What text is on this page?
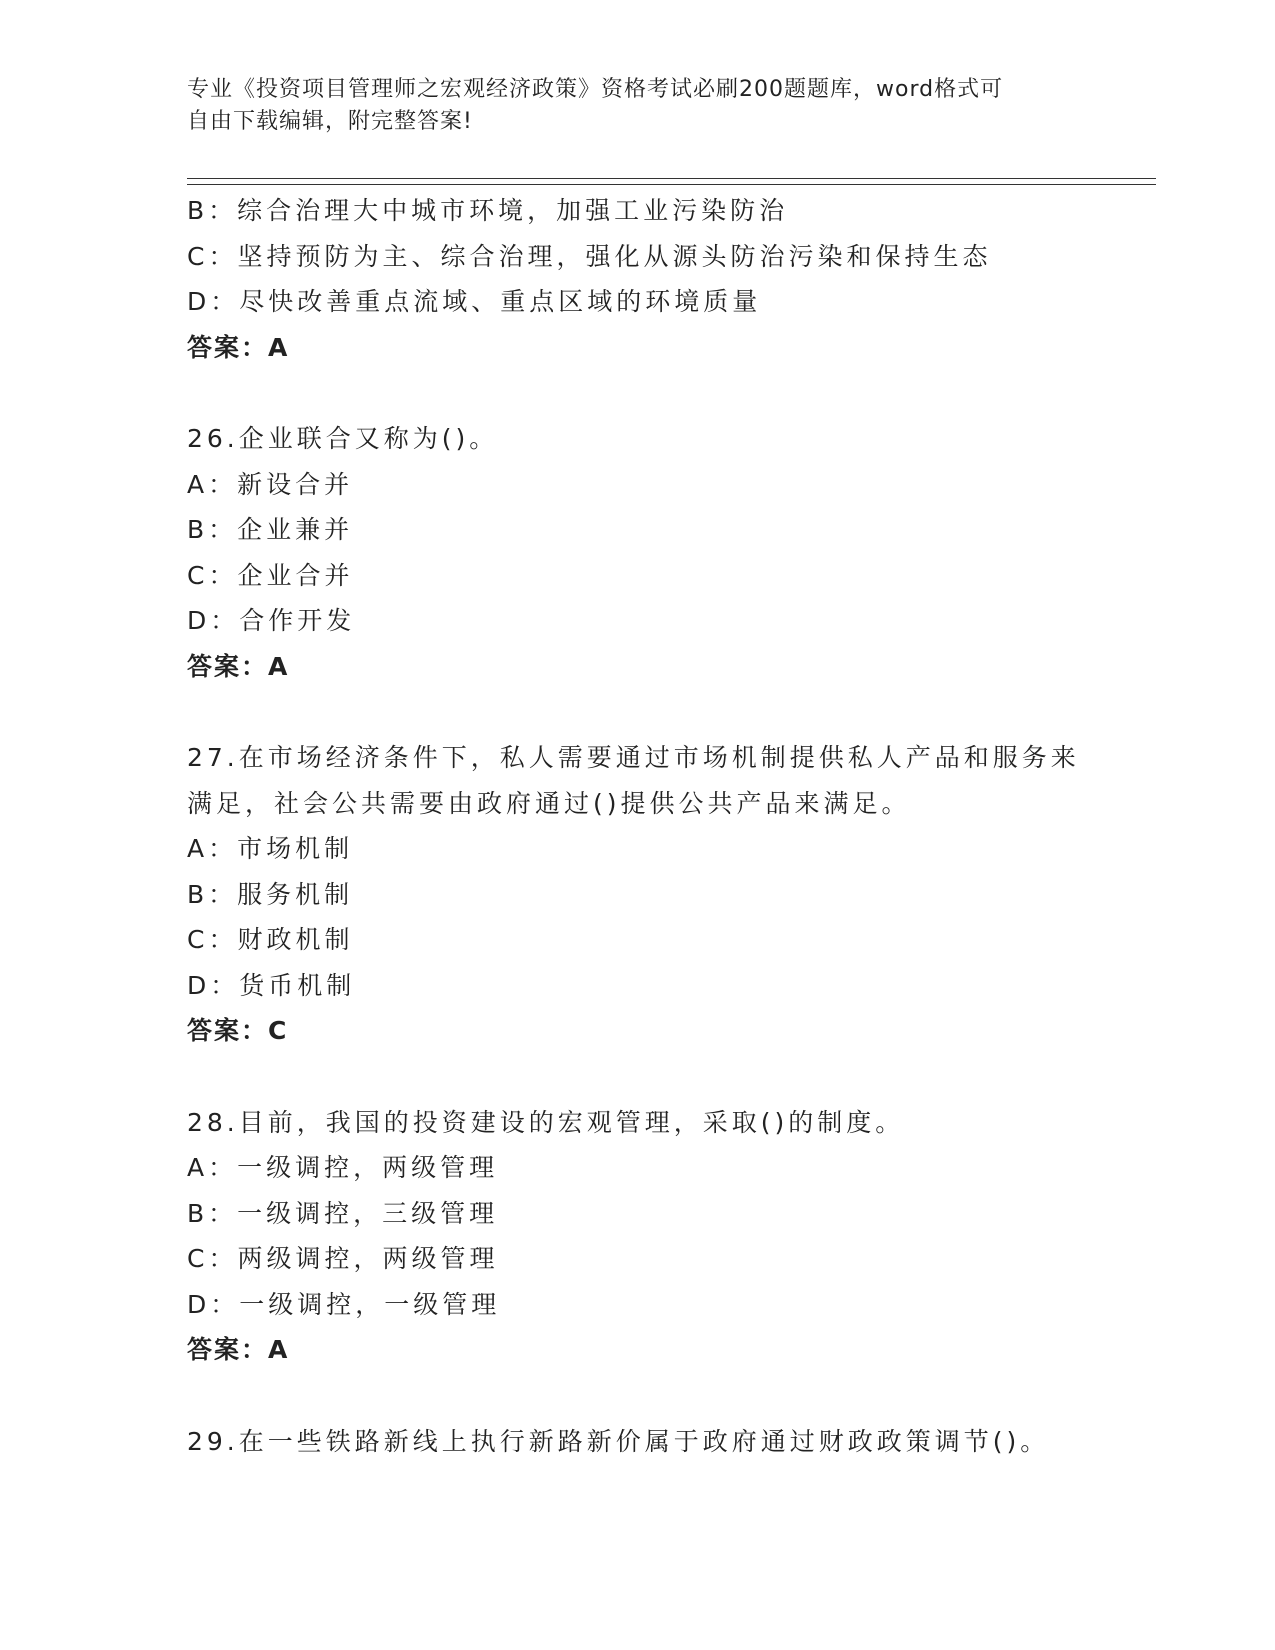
专业《投资项目管理师之宏观经济政策》资格考试必刷200题题库，word格式可
自由下载编辑，附完整答案!
B：综合治理大中城市环境，加强工业污染防治
C：坚持预防为主、综合治理，强化从源头防治污染和保持生态
D：尽快改善重点流域、重点区域的环境质量
答案：A
26.企业联合又称为()。
A：新设合并
B：企业兼并
C：企业合并
D：合作开发
答案：A
27.在市场经济条件下，私人需要通过市场机制提供私人产品和服务来
满足，社会公共需要由政府通过()提供公共产品来满足。
A：市场机制
B：服务机制
C：财政机制
D：货币机制
答案：C
28.目前，我国的投资建设的宏观管理，采取()的制度。
A：一级调控，两级管理
B：一级调控，三级管理
C：两级调控，两级管理
D：一级调控，一级管理
答案：A
29.在一些铁路新线上执行新路新价属于政府通过财政政策调节()。
